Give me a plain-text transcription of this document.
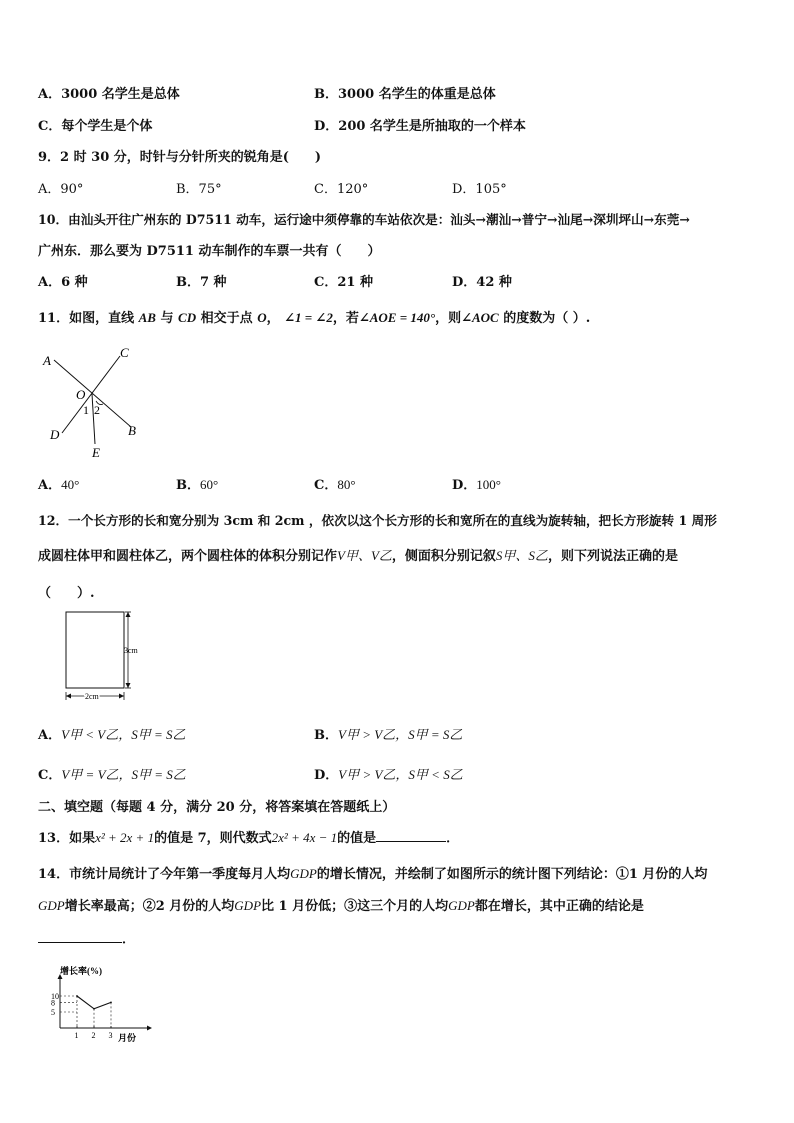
A．3000 名学生是总体	B．3000 名学生的体重是总体
C．每个学生是个体	D．200 名学生是所抽取的一个样本
9．2 时 30 分，时针与分针所夹的锐角是(　　)
A．90°	B．75°	C．120°	D．105°
10．由汕头开往广州东的 D7511 动车，运行途中须停靠的车站依次是：汕头→潮汕→普宁→汕尾→深圳坪山→东莞→
广州东．那么要为 D7511 动车制作的车票一共有（　　）
A．6 种	B．7 种	C．21 种	D．42 种
11．如图，直线 AB 与 CD 相交于点 O， ∠1 = ∠2，若∠AOE = 140°，则∠AOC 的度数为（ ）.
A
C
O
1 2
B
D
E
A．40°	B．60°	C．80°	D．100°
12．一个长方形的长和宽分别为 3cm 和 2cm ，依次以这个长方形的长和宽所在的直线为旋转轴，把长方形旋转 1 周形
成圆柱体甲和圆柱体乙，两个圆柱体的体积分别记作V甲、V乙，侧面积分别记叙S甲、S乙，则下列说法正确的是
（　　）.
3cm
2cm
A．V甲 < V乙，S甲 = S乙	B．V甲 > V乙，S甲 = S乙
C．V甲 = V乙，S甲 = S乙	D．V甲 > V乙，S甲 < S乙
二、填空题（每题 4 分，满分 20 分，将答案填在答题纸上）
13．如果x² + 2x + 1的值是 7，则代数式2x² + 4x − 1的值是	．
14．市统计局统计了今年第一季度每月人均GDP的增长情况，并绘制了如图所示的统计图下列结论：①1 月份的人均
GDP增长率最高；②2 月份的人均GDP比 1 月份低；③这三个月的人均GDP都在增长，其中正确的结论是
．
增长率(%)
月份
5
8
10
1 2 3
